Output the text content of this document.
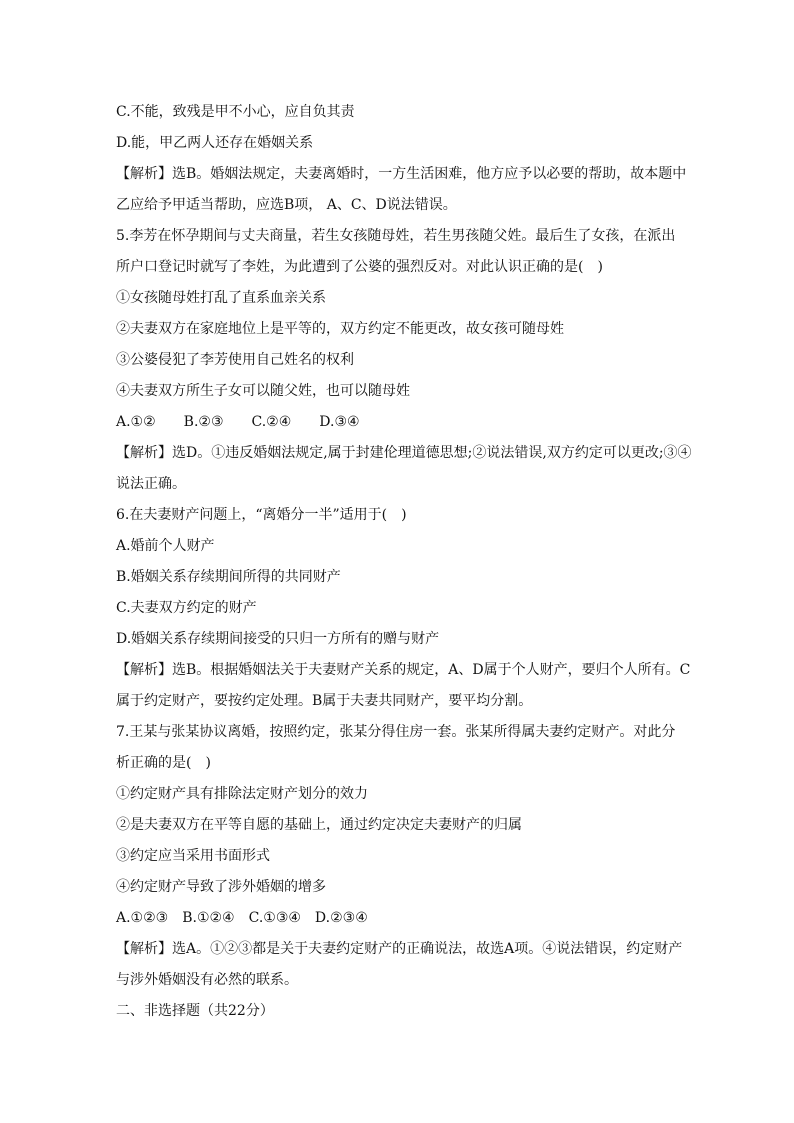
C.不能，致残是甲不小心，应自负其责
D.能，甲乙两人还存在婚姻关系
【解析】选B。婚姻法规定，夫妻离婚时，一方生活困难，他方应予以必要的帮助，故本题中
乙应给予甲适当帮助，应选B项， A、C、D说法错误。
5.李芳在怀孕期间与丈夫商量，若生女孩随母姓，若生男孩随父姓。最后生了女孩，在派出
所户口登记时就写了李姓，为此遭到了公婆的强烈反对。对此认识正确的是(　)
①女孩随母姓打乱了直系血亲关系
②夫妻双方在家庭地位上是平等的，双方约定不能更改，故女孩可随母姓
③公婆侵犯了李芳使用自己姓名的权利
④夫妻双方所生子女可以随父姓，也可以随母姓
A.①②　　B.②③　　C.②④　　D.③④
【解析】选D。①违反婚姻法规定,属于封建伦理道德思想;②说法错误,双方约定可以更改;③④
说法正确。
6.在夫妻财产问题上，“离婚分一半”适用于(　)
A.婚前个人财产
B.婚姻关系存续期间所得的共同财产
C.夫妻双方约定的财产
D.婚姻关系存续期间接受的只归一方所有的赠与财产
【解析】选B。根据婚姻法关于夫妻财产关系的规定，A、D属于个人财产，要归个人所有。C
属于约定财产，要按约定处理。B属于夫妻共同财产，要平均分割。
7.王某与张某协议离婚，按照约定，张某分得住房一套。张某所得属夫妻约定财产。对此分
析正确的是(　)
①约定财产具有排除法定财产划分的效力
②是夫妻双方在平等自愿的基础上，通过约定决定夫妻财产的归属
③约定应当采用书面形式
④约定财产导致了涉外婚姻的增多
A.①②③　B.①②④　C.①③④　D.②③④
【解析】选A。①②③都是关于夫妻约定财产的正确说法，故选A项。④说法错误，约定财产
与涉外婚姻没有必然的联系。
二、非选择题（共22分）
